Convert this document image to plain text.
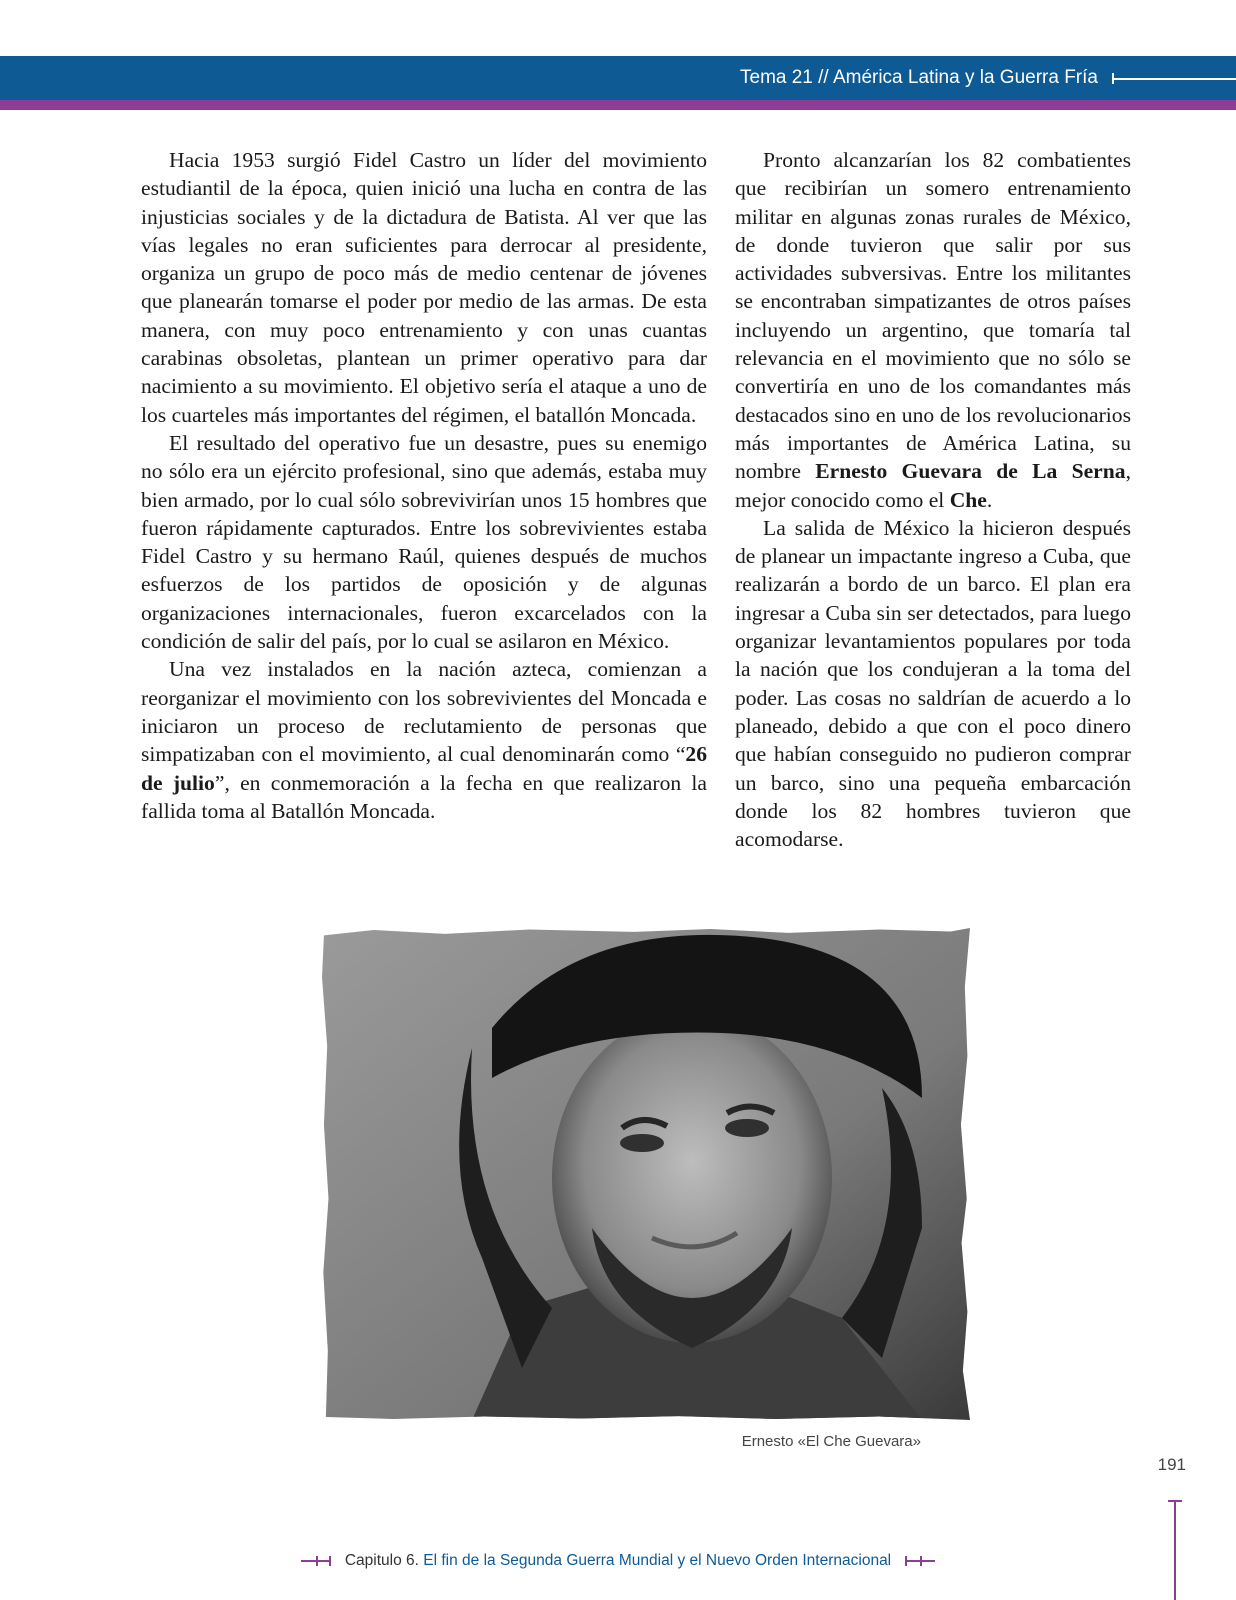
Tema 21 // América Latina y la Guerra Fría

Hacia 1953 surgió Fidel Castro un líder del movimiento estudiantil de la época, quien inició una lucha en contra de las injusticias sociales y de la dictadura de Batista. Al ver que las vías legales no eran suficientes para derrocar al presidente, organiza un grupo de poco más de medio centenar de jóvenes que planearán tomarse el poder por medio de las armas. De esta manera, con muy poco entrenamiento y con unas cuantas carabinas obsoletas, plantean un primer operativo para dar nacimiento a su movimiento. El objetivo sería el ataque a uno de los cuarteles más importantes del régimen, el batallón Moncada.

El resultado del operativo fue un desastre, pues su enemigo no sólo era un ejército profesional, sino que además, estaba muy bien armado, por lo cual sólo sobrevivirían unos 15 hombres que fueron rápidamente capturados. Entre los sobrevivientes estaba Fidel Castro y su hermano Raúl, quienes después de muchos esfuerzos de los partidos de oposición y de algunas organizaciones internacionales, fueron excarcelados con la condición de salir del país, por lo cual se asilaron en México.

Una vez instalados en la nación azteca, comienzan a reorganizar el movimiento con los sobrevivientes del Moncada e iniciaron un proceso de reclutamiento de personas que simpatizaban con el movimiento, al cual denominarán como “26 de julio”, en conmemoración a la fecha en que realizaron la fallida toma al Batallón Moncada.

Pronto alcanzarían los 82 combatientes que recibirían un somero entrenamiento militar en algunas zonas rurales de México, de donde tuvieron que salir por sus actividades subversivas. Entre los militantes se encontraban simpatizantes de otros países incluyendo un argentino, que tomaría tal relevancia en el movimiento que no sólo se convertiría en uno de los comandantes más destacados sino en uno de los revolucionarios más importantes de América Latina, su nombre Ernesto Guevara de La Serna, mejor conocido como el Che.

La salida de México la hicieron después de planear un impactante ingreso a Cuba, que realizarán a bordo de un barco. El plan era ingresar a Cuba sin ser detectados, para luego organizar levantamientos populares por toda la nación que los condujeran a la toma del poder. Las cosas no saldrían de acuerdo a lo planeado, debido a que con el poco dinero que habían conseguido no pudieron comprar un barco, sino una pequeña embarcación donde los 82 hombres tuvieron que acomodarse.

Ernesto «El Che Guevara»
191
Capitulo 6. El fin de la Segunda Guerra Mundial y el Nuevo Orden Internacional
